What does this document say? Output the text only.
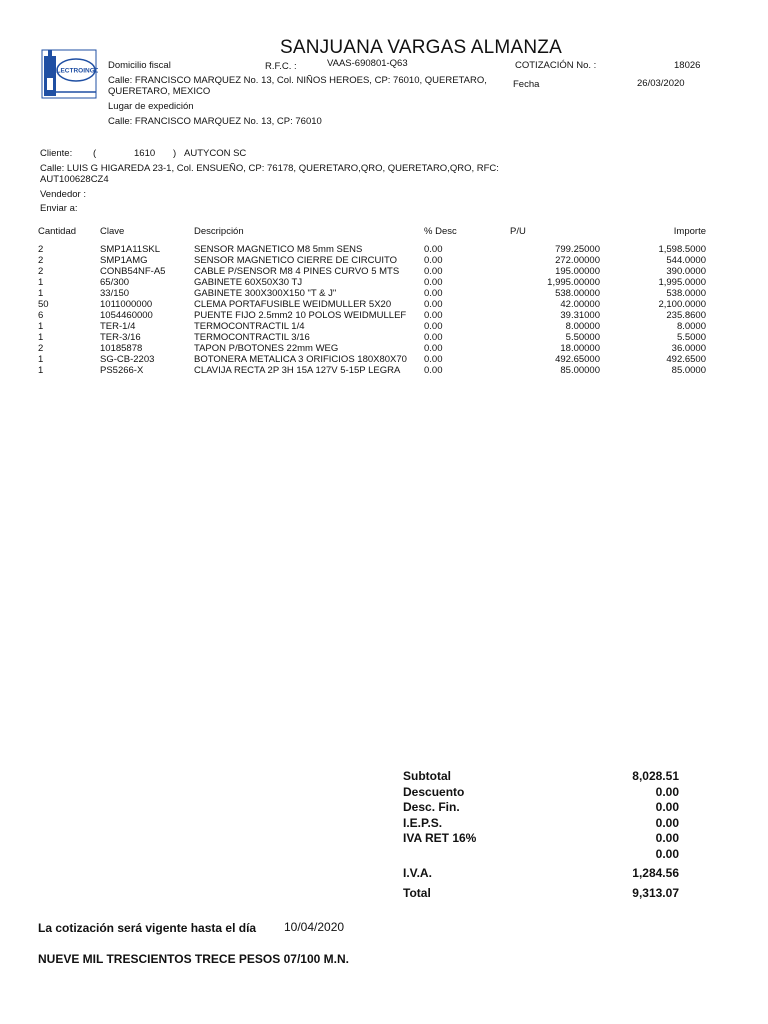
ELECTROINGO
SANJUANA VARGAS ALMANZA
Domicilio fiscal	R.F.C. :	VAAS-690801-Q63	COTIZACIÓN No. :	18026
Calle: FRANCISCO MARQUEZ No. 13, Col. NIÑOS HEROES, CP: 76010, QUERETARO,
QUERETARO, MEXICO
Fecha	26/03/2020
Lugar de expedición
Calle: FRANCISCO MARQUEZ No. 13, CP: 76010
Cliente: (	1610 ) AUTYCON SC
Calle: LUIS G HIGAREDA 23-1, Col. ENSUEÑO, CP: 76178, QUERETARO,QRO, QUERETARO,QRO, RFC:
AUT100628CZ4
Vendedor :
Enviar a:
Cantidad	Clave	Descripción	% Desc	P/U	Importe

2	SMP1A11SKL	SENSOR MAGNETICO M8 5mm SENS	0.00	799.25000	1,598.5000
2	SMP1AMG	SENSOR MAGNETICO CIERRE DE CIRCUITO	0.00	272.00000	544.0000
2	CONB54NF-A5	CABLE P/SENSOR M8 4 PINES CURVO 5 MTS	0.00	195.00000	390.0000
1	65/300	GABINETE 60X50X30 TJ	0.00	1,995.00000	1,995.0000
1	33/150	GABINETE 300X300X150 "T & J"	0.00	538.00000	538.0000
50	1011000000	CLEMA PORTAFUSIBLE WEIDMULLER 5X20	0.00	42.00000	2,100.0000
6	1054460000	PUENTE FIJO 2.5mm2 10 POLOS WEIDMULLEF	0.00	39.31000	235.8600
1	TER-1/4	TERMOCONTRACTIL 1/4	0.00	8.00000	8.0000
1	TER-3/16	TERMOCONTRACTIL 3/16	0.00	5.50000	5.5000
2	10185878	TAPON P/BOTONES 22mm WEG	0.00	18.00000	36.0000
1	SG-CB-2203	BOTONERA METALICA 3 ORIFICIOS 180X80X70	0.00	492.65000	492.6500
1	PS5266-X	CLAVIJA RECTA 2P 3H 15A 127V 5-15P LEGRA	0.00	85.00000	85.0000
Subtotal	8,028.51
Descuento	0.00
Desc. Fin.	0.00
I.E.P.S.	0.00
IVA RET 16%	0.00
0.00
I.V.A.	1,284.56
Total	9,313.07
La cotización será vigente hasta el día 10/04/2020
NUEVE MIL TRESCIENTOS TRECE PESOS 07/100 M.N.
